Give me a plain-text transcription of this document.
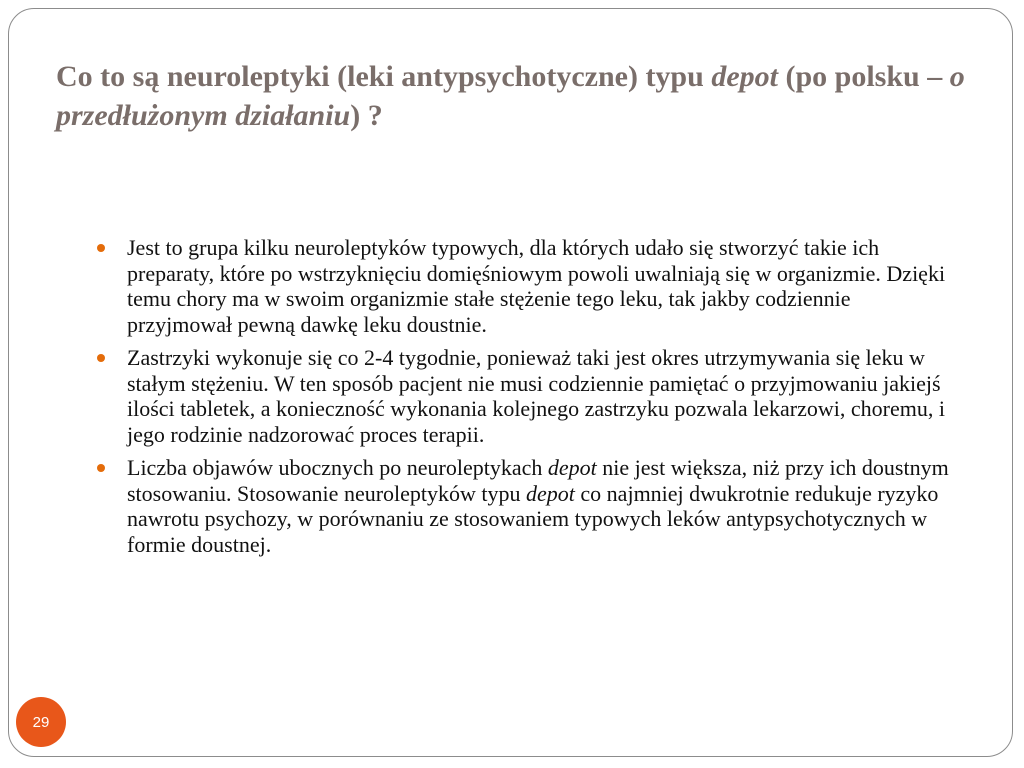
Co to są neuroleptyki (leki antypsychotyczne) typu depot (po polsku – o przedłużonym działaniu) ?
Jest to grupa kilku neuroleptyków typowych, dla których udało się stworzyć takie ich preparaty, które po wstrzyknięciu domięśniowym powoli uwalniają się w organizmie. Dzięki temu chory ma w swoim organizmie stałe stężenie tego leku, tak jakby codziennie przyjmował pewną dawkę leku doustnie.
Zastrzyki wykonuje się co 2-4 tygodnie, ponieważ taki jest okres utrzymywania się leku w stałym stężeniu. W ten sposób pacjent nie musi codziennie pamiętać o przyjmowaniu jakiejś ilości tabletek, a konieczność wykonania kolejnego zastrzyku pozwala lekarzowi, choremu, i jego rodzinie nadzorować proces terapii.
Liczba objawów ubocznych po neuroleptykach depot nie jest większa, niż przy ich doustnym stosowaniu. Stosowanie neuroleptyków typu depot co najmniej dwukrotnie redukuje ryzyko nawrotu psychozy, w porównaniu ze stosowaniem typowych leków antypsychotycznych w formie doustnej.
29
